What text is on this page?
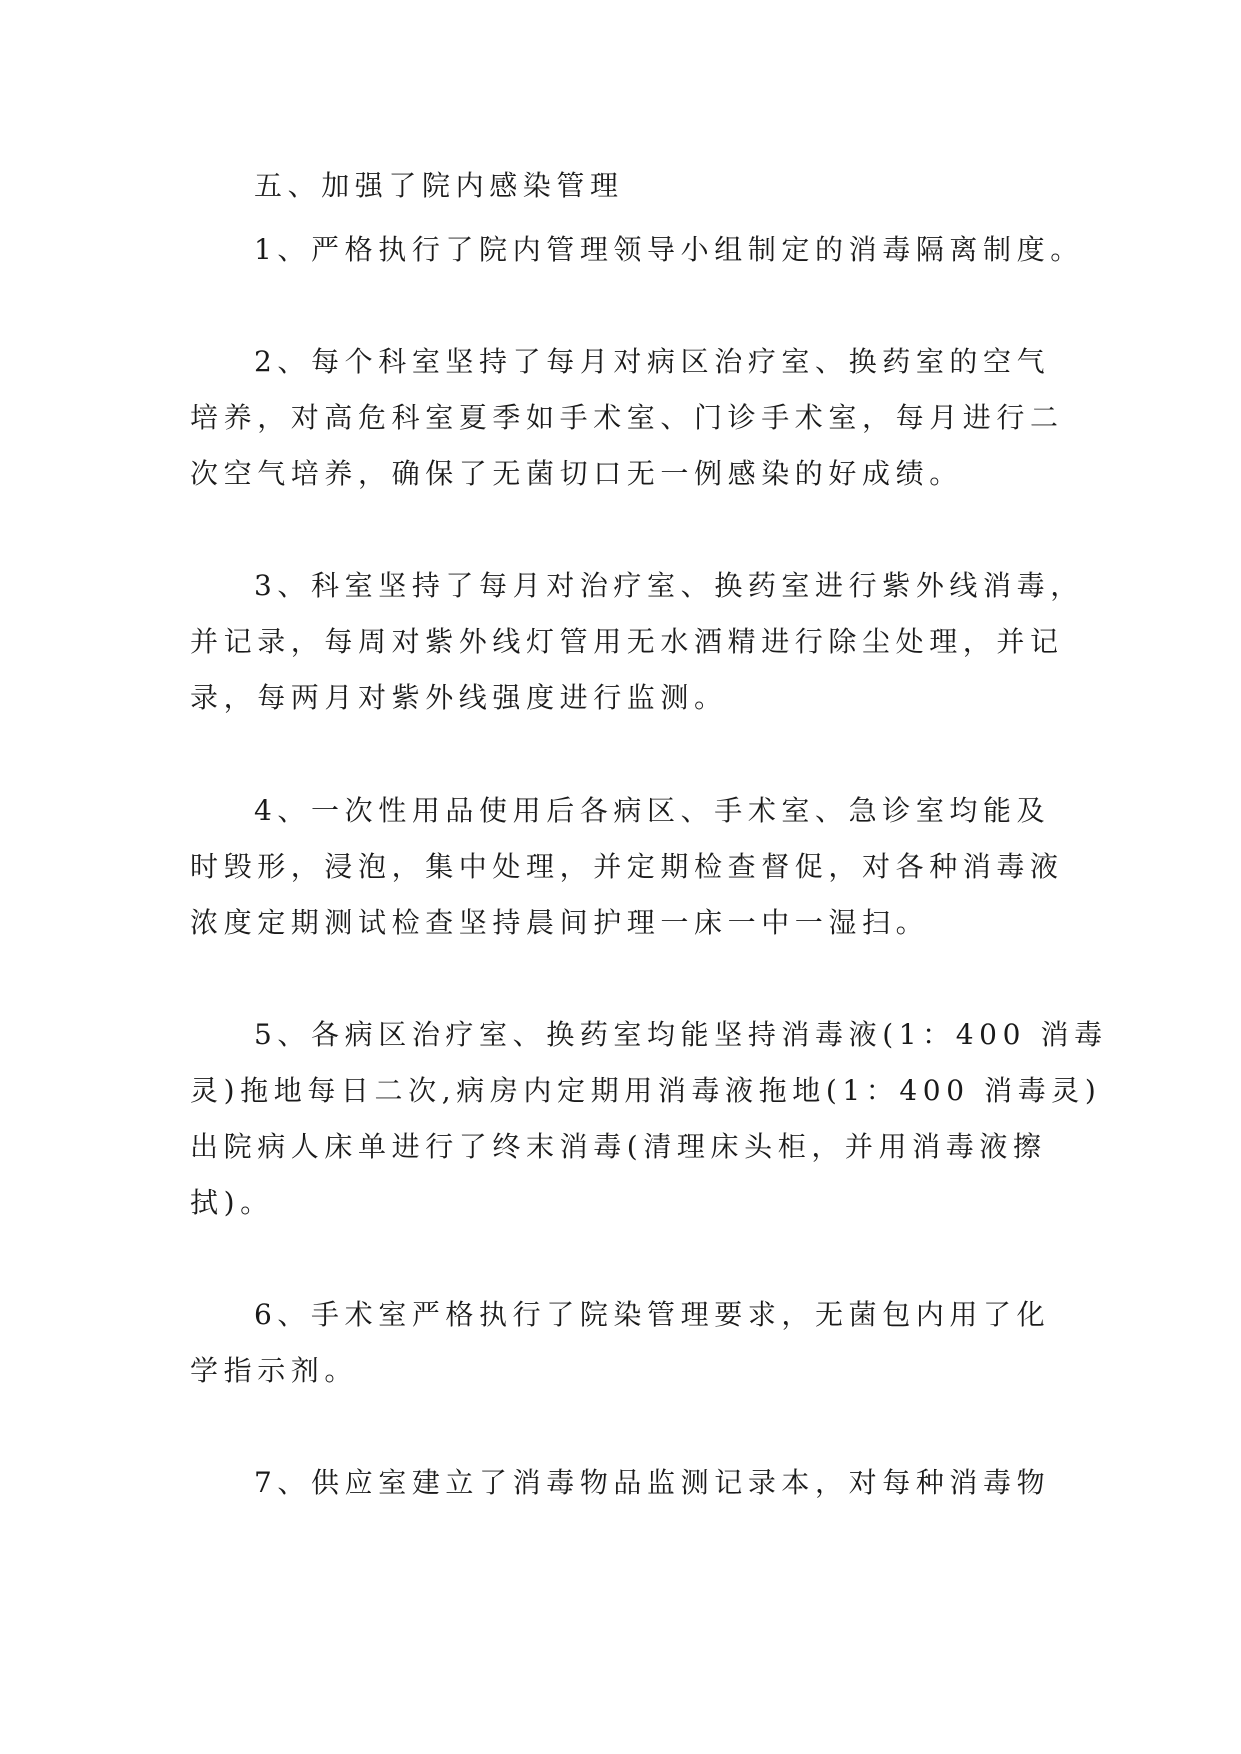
五、加强了院内感染管理
1、严格执行了院内管理领导小组制定的消毒隔离制度。
2、每个科室坚持了每月对病区治疗室、换药室的空气
培养，对高危科室夏季如手术室、门诊手术室，每月进行二
次空气培养，确保了无菌切口无一例感染的好成绩。
3、科室坚持了每月对治疗室、换药室进行紫外线消毒，
并记录，每周对紫外线灯管用无水酒精进行除尘处理，并记
录，每两月对紫外线强度进行监测。
4、一次性用品使用后各病区、手术室、急诊室均能及
时毁形，浸泡，集中处理，并定期检查督促，对各种消毒液
浓度定期测试检查坚持晨间护理一床一中一湿扫。
5、各病区治疗室、换药室均能坚持消毒液(1：400 消毒
灵)拖地每日二次,病房内定期用消毒液拖地(1：400 消毒灵)
出院病人床单进行了终末消毒(清理床头柜，并用消毒液擦
拭)。
6、手术室严格执行了院染管理要求，无菌包内用了化
学指示剂。
7、供应室建立了消毒物品监测记录本，对每种消毒物
